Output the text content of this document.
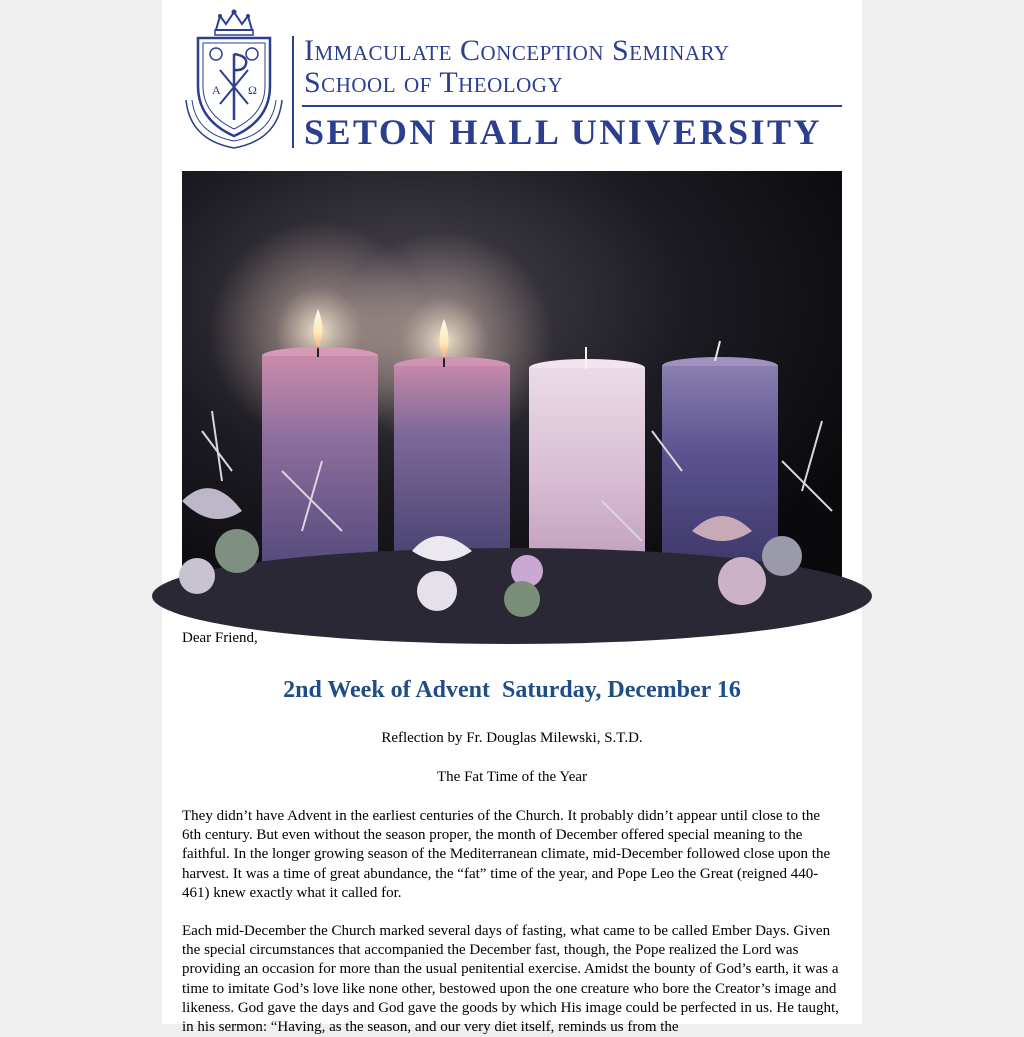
A Ω

Immaculate Conception Seminary

School of Theology

SETON HALL UNIVERSITY

Dear Friend,

2nd Week of Advent  Saturday, December 16

Reflection by Fr. Douglas Milewski, S.T.D.

The Fat Time of the Year

They didn’t have Advent in the earliest centuries of the Church. It probably didn’t appear until close to the 6th century. But even without the season proper, the month of December offered special meaning to the faithful. In the longer growing season of the Mediterranean climate, mid-December followed close upon the harvest. It was a time of great abundance, the “fat” time of the year, and Pope Leo the Great (reigned 440-461) knew exactly what it called for.

Each mid-December the Church marked several days of fasting, what came to be called Ember Days. Given the special circumstances that accompanied the December fast, though, the Pope realized the Lord was providing an occasion for more than the usual penitential exercise. Amidst the bounty of God’s earth, it was a time to imitate God’s love like none other, bestowed upon the one creature who bore the Creator’s image and likeness. God gave the days and God gave the goods by which His image could be perfected in us. He taught, in his sermon: “Having, as the season, and our very diet itself, reminds us from the
